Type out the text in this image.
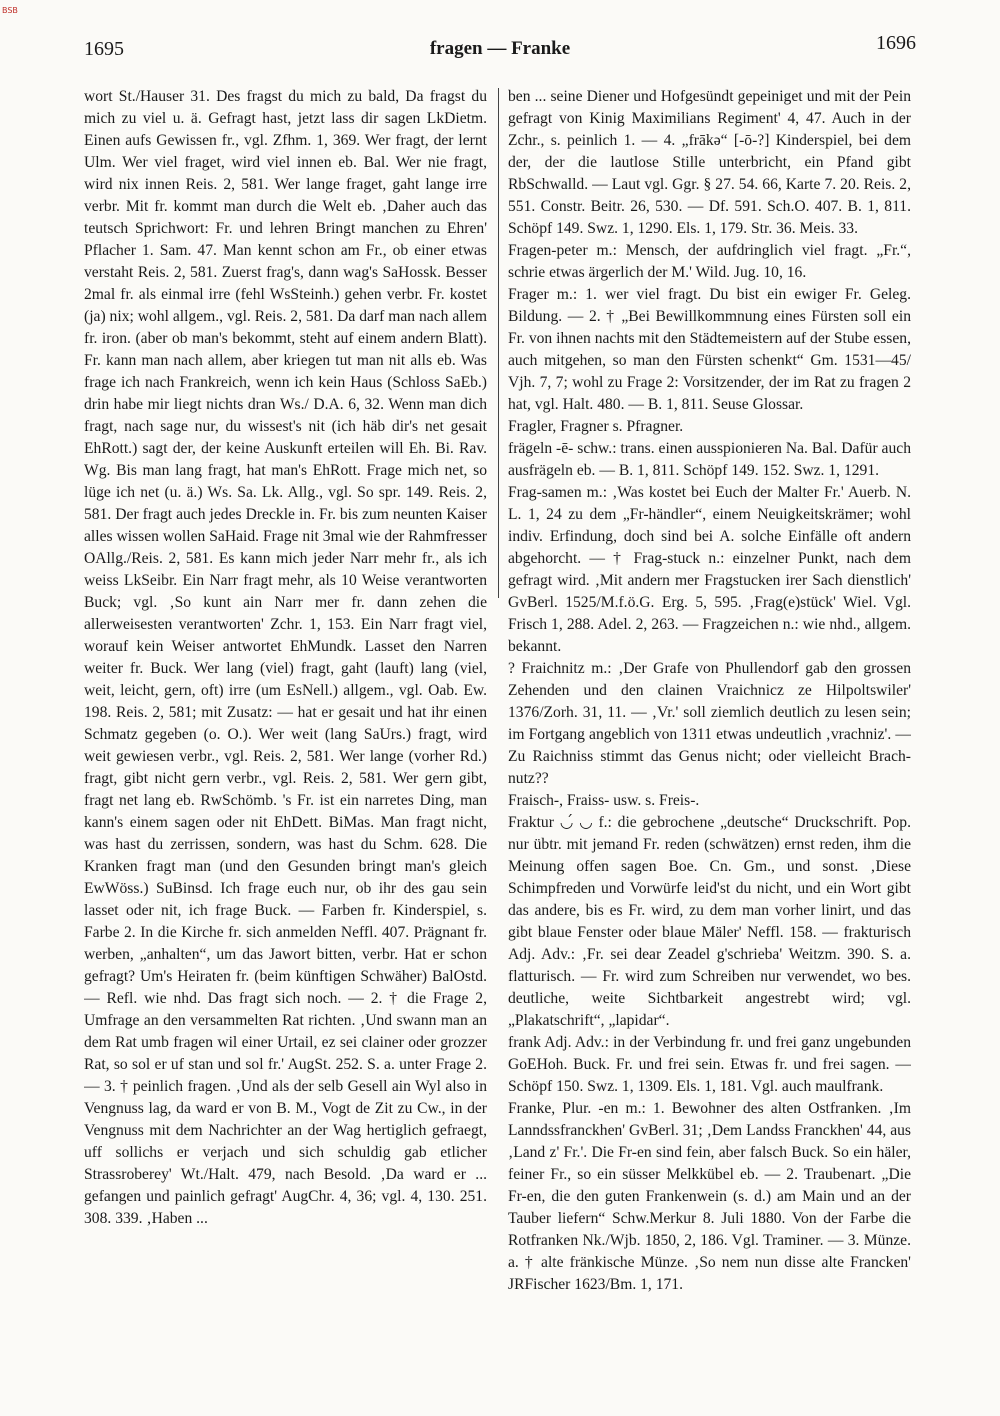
BSB
1695	fragen — Franke	1696

wort St./Hauser 31. Des fragst du mich zu bald, Da fragst du mich zu viel u. ä. Gefragt hast, jetzt lass dir sagen LkDietm. Einen aufs Gewissen fr., vgl. Zfhm. 1, 369. Wer fragt, der lernt Ulm. Wer viel fraget, wird viel innen eb. Bal. Wer nie fragt, wird nix innen Reis. 2, 581. Wer lange fraget, gaht lange irre verbr. Mit fr. kommt man durch die Welt eb. ‚Daher auch das teutsch Sprichwort: Fr. und lehren Bringt manchen zu Ehren' Pflacher 1. Sam. 47. Man kennt schon am Fr., ob einer etwas verstaht Reis. 2, 581. Zuerst frag's, dann wag's SaHossk. Besser 2mal fr. als einmal irre (fehl WsSteinh.) gehen verbr. Fr. kostet (ja) nix; wohl allgem., vgl. Reis. 2, 581. Da darf man nach allem fr. iron. (aber ob man's bekommt, steht auf einem andern Blatt). Fr. kann man nach allem, aber kriegen tut man nit alls eb. Was frage ich nach Frankreich, wenn ich kein Haus (Schloss SaEb.) drin habe mir liegt nichts dran Ws./ D.A. 6, 32. Wenn man dich fragt, nach sage nur, du wissest's nit (ich häb dir's net gesait EhRott.) sagt der, der keine Auskunft erteilen will Eh. Bi. Rav. Wg. Bis man lang fragt, hat man's EhRott. Frage mich net, so lüge ich net (u. ä.) Ws. Sa. Lk. Allg., vgl. So spr. 149. Reis. 2, 581. Der fragt auch jedes Dreckle in. Fr. bis zum neunten Kaiser alles wissen wollen SaHaid. Frage nit 3mal wie der Rahmfresser OAllg./Reis. 2, 581. Es kann mich jeder Narr mehr fr., als ich weiss LkSeibr. Ein Narr fragt mehr, als 10 Weise verantworten Buck; vgl. ‚So kunt ain Narr mer fr. dann zehen die allerweisesten verantworten' Zchr. 1, 153. Ein Narr fragt viel, worauf kein Weiser antwortet EhMundk. Lasset den Narren weiter fr. Buck. Wer lang (viel) fragt, gaht (lauft) lang (viel, weit, leicht, gern, oft) irre (um EsNell.) allgem., vgl. Oab. Ew. 198. Reis. 2, 581; mit Zusatz: — hat er gesait und hat ihr einen Schmatz gegeben (o. O.). Wer weit (lang SaUrs.) fragt, wird weit gewiesen verbr., vgl. Reis. 2, 581. Wer lange (vorher Rd.) fragt, gibt nicht gern verbr., vgl. Reis. 2, 581. Wer gern gibt, fragt net lang eb. RwSchömb. 's Fr. ist ein narretes Ding, man kann's einem sagen oder nit EhDett. BiMas. Man fragt nicht, was hast du zerrissen, sondern, was hast du Schm. 628. Die Kranken fragt man (und den Gesunden bringt man's gleich EwWöss.) SuBinsd. Ich frage euch nur, ob ihr des gau sein lasset oder nit, ich frage Buck. — Farben fr. Kinderspiel, s. Farbe 2. In die Kirche fr. sich anmelden Neffl. 407. Prägnant fr. werben, „anhalten“, um das Jawort bitten, verbr. Hat er schon gefragt? Um's Heiraten fr. (beim künftigen Schwäher) BalOstd. — Refl. wie nhd. Das fragt sich noch. — 2. † die Frage 2, Umfrage an den versammelten Rat richten. ‚Und swann man an dem Rat umb fragen wil einer Urtail, ez sei clainer oder grozzer Rat, so sol er uf stan und sol fr.' AugSt. 252. S. a. unter Frage 2. — 3. † peinlich fragen. ‚Und als der selb Gesell ain Wyl also in Vengnuss lag, da ward er von B. M., Vogt de Zit zu Cw., in der Vengnuss mit dem Nachrichter an der Wag hertiglich gefraegt, uff sollichs er verjach und sich schuldig gab etlicher Strassroberey' Wt./Halt. 479, nach Besold. ‚Da ward er ... gefangen und painlich gefragt' AugChr. 4, 36; vgl. 4, 130. 251. 308. 339. ‚Haben ...

ben ... seine Diener und Hofgesündt gepeiniget und mit der Pein gefragt von Kinig Maximilians Regiment' 4, 47. Auch in der Zchr., s. peinlich 1. — 4. „frākə“ [-ō-?] Kinderspiel, bei dem der, der die lautlose Stille unterbricht, ein Pfand gibt RbSchwalld. — Laut vgl. Ggr. § 27. 54. 66, Karte 7. 20. Reis. 2, 551. Constr. Beitr. 26, 530. — Df. 591. Sch.O. 407. B. 1, 811. Schöpf 149. Swz. 1, 1290. Els. 1, 179. Str. 36. Meis. 33.

Fragen-peter m.: Mensch, der aufdringlich viel fragt. „Fr.“, schrie etwas ärgerlich der M.' Wild. Jug. 10, 16.

Frager m.: 1. wer viel fragt. Du bist ein ewiger Fr. Geleg. Bildung. — 2. † „Bei Bewillkommnung eines Fürsten soll ein Fr. von ihnen nachts mit den Städtemeistern auf der Stube essen, auch mitgehen, so man den Fürsten schenkt“ Gm. 1531—45/ Vjh. 7, 7; wohl zu Frage 2: Vorsitzender, der im Rat zu fragen 2 hat, vgl. Halt. 480. — B. 1, 811. Seuse Glossar.

Fragler, Fragner s. Pfragner.

frägeln -ē- schw.: trans. einen ausspionieren Na. Bal. Dafür auch ausfrägeln eb. — B. 1, 811. Schöpf 149. 152. Swz. 1, 1291.

Frag-samen m.: ‚Was kostet bei Euch der Malter Fr.' Auerb. N. L. 1, 24 zu dem „Fr-händler“, einem Neuigkeitskrämer; wohl indiv. Erfindung, doch sind bei A. solche Einfälle oft andern abgehorcht. — † Frag-stuck n.: einzelner Punkt, nach dem gefragt wird. ‚Mit andern mer Fragstucken irer Sach dienstlich' GvBerl. 1525/M.f.ö.G. Erg. 5, 595. ‚Frag(e)stück' Wiel. Vgl. Frisch 1, 288. Adel. 2, 263. — Fragzeichen n.: wie nhd., allgem. bekannt.

? Fraichnitz m.: ‚Der Grafe von Phullendorf gab den grossen Zehenden und den clainen Vraichnicz ze Hilpoltswiler' 1376/Zorh. 31, 11. — ‚Vr.' soll ziemlich deutlich zu lesen sein; im Fortgang angeblich von 1311 etwas undeutlich ‚vrachniz'. — Zu Raichniss stimmt das Genus nicht; oder vielleicht Brach-nutz??

Fraisch-, Fraiss- usw. s. Freis-.

Fraktur ◡́ ◡ f.: die gebrochene „deutsche“ Druckschrift. Pop. nur übtr. mit jemand Fr. reden (schwätzen) ernst reden, ihm die Meinung offen sagen Boe. Cn. Gm., und sonst. ‚Diese Schimpfreden und Vorwürfe leid'st du nicht, und ein Wort gibt das andere, bis es Fr. wird, zu dem man vorher linirt, und das gibt blaue Fenster oder blaue Mäler' Neffl. 158. — frakturisch Adj. Adv.: ‚Fr. sei dear Zeadel g'schrieba' Weitzm. 390. S. a. flatturisch. — Fr. wird zum Schreiben nur verwendet, wo bes. deutliche, weite Sichtbarkeit angestrebt wird; vgl. „Plakatschrift“, „lapidar“.

frank Adj. Adv.: in der Verbindung fr. und frei ganz ungebunden GoEHoh. Buck. Fr. und frei sein. Etwas fr. und frei sagen. — Schöpf 150. Swz. 1, 1309. Els. 1, 181. Vgl. auch maulfrank.

Franke, Plur. -en m.: 1. Bewohner des alten Ostfranken. ‚Im Lanndssfranckhen' GvBerl. 31; ‚Dem Landss Franckhen' 44, aus ‚Land z' Fr.'. Die Fr-en sind fein, aber falsch Buck. So ein häler, feiner Fr., so ein süsser Melkkübel eb. — 2. Traubenart. „Die Fr-en, die den guten Frankenwein (s. d.) am Main und an der Tauber liefern“ Schw.Merkur 8. Juli 1880. Von der Farbe die Rotfranken Nk./Wjb. 1850, 2, 186. Vgl. Traminer. — 3. Münze. a. † alte fränkische Münze. ‚So nem nun disse alte Francken' JRFischer 1623/Bm. 1, 171.
